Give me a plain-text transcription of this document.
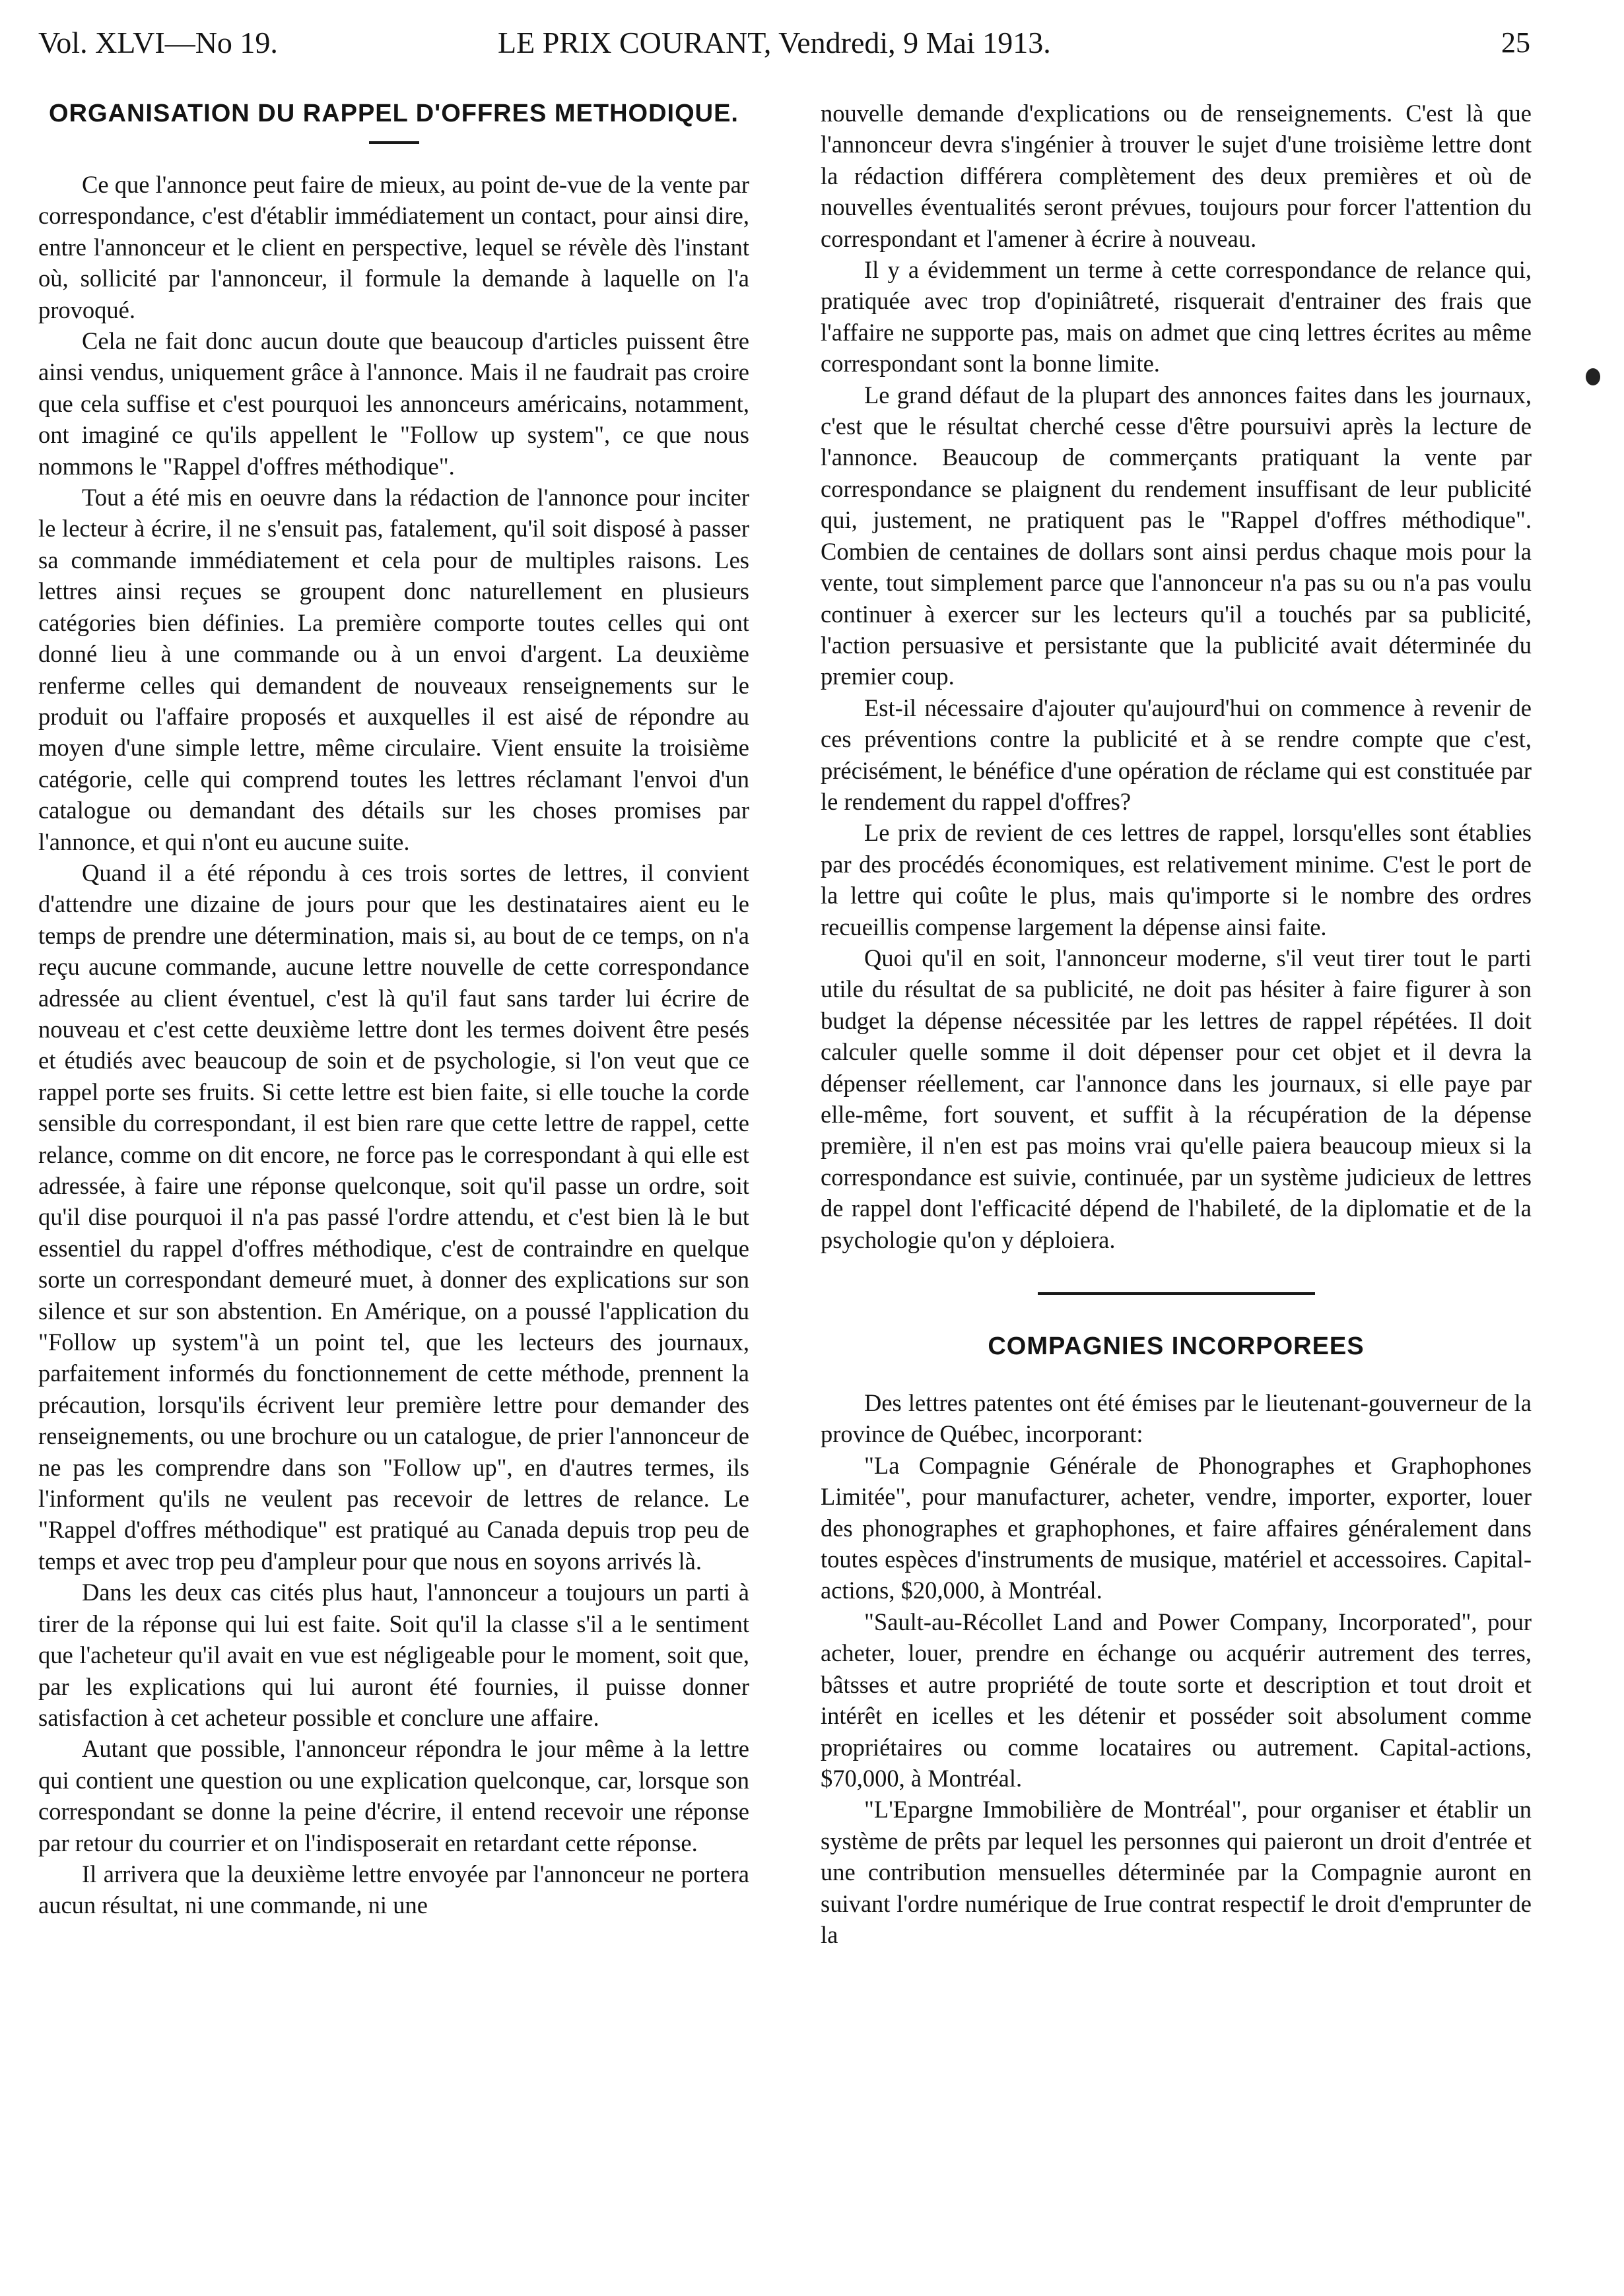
Vol. XLVI—No 19.	LE PRIX COURANT, Vendredi, 9 Mai 1913.	25
ORGANISATION DU RAPPEL D'OFFRES METHODIQUE.

Ce que l'annonce peut faire de mieux, au point de-vue de la vente par correspondance, c'est d'établir immédiatement un contact, pour ainsi dire, entre l'annonceur et le client en perspective, lequel se révèle dès l'instant où, sollicité par l'annonceur, il formule la demande à laquelle on l'a provoqué.

Cela ne fait donc aucun doute que beaucoup d'articles puissent être ainsi vendus, uniquement grâce à l'annonce. Mais il ne faudrait pas croire que cela suffise et c'est pourquoi les annonceurs américains, notamment, ont imaginé ce qu'ils appellent le "Follow up system", ce que nous nommons le "Rappel d'offres méthodique".

Tout a été mis en oeuvre dans la rédaction de l'annonce pour inciter le lecteur à écrire, il ne s'ensuit pas, fatalement, qu'il soit disposé à passer sa commande immédiatement et cela pour de multiples raisons. Les lettres ainsi reçues se groupent donc naturellement en plusieurs catégories bien définies. La première comporte toutes celles qui ont donné lieu à une commande ou à un envoi d'argent. La deuxième renferme celles qui demandent de nouveaux renseignements sur le produit ou l'affaire proposés et auxquelles il est aisé de répondre au moyen d'une simple lettre, même circulaire. Vient ensuite la troisième catégorie, celle qui comprend toutes les lettres réclamant l'envoi d'un catalogue ou demandant des détails sur les choses promises par l'annonce, et qui n'ont eu aucune suite.

Quand il a été répondu à ces trois sortes de lettres, il convient d'attendre une dizaine de jours pour que les destinataires aient eu le temps de prendre une détermination, mais si, au bout de ce temps, on n'a reçu aucune commande, aucune lettre nouvelle de cette correspondance adressée au client éventuel, c'est là qu'il faut sans tarder lui écrire de nouveau et c'est cette deuxième lettre dont les termes doivent être pesés et étudiés avec beaucoup de soin et de psychologie, si l'on veut que ce rappel porte ses fruits. Si cette lettre est bien faite, si elle touche la corde sensible du correspondant, il est bien rare que cette lettre de rappel, cette relance, comme on dit encore, ne force pas le correspondant à qui elle est adressée, à faire une réponse quelconque, soit qu'il passe un ordre, soit qu'il dise pourquoi il n'a pas passé l'ordre attendu, et c'est bien là le but essentiel du rappel d'offres méthodique, c'est de contraindre en quelque sorte un correspondant demeuré muet, à donner des explications sur son silence et sur son abstention. En Amérique, on a poussé l'application du "Follow up system"à un point tel, que les lecteurs des journaux, parfaitement informés du fonctionnement de cette méthode, prennent la précaution, lorsqu'ils écrivent leur première lettre pour demander des renseignements, ou une brochure ou un catalogue, de prier l'annonceur de ne pas les comprendre dans son "Follow up", en d'autres termes, ils l'informent qu'ils ne veulent pas recevoir de lettres de relance. Le "Rappel d'offres méthodique" est pratiqué au Canada depuis trop peu de temps et avec trop peu d'ampleur pour que nous en soyons arrivés là.

Dans les deux cas cités plus haut, l'annonceur a toujours un parti à tirer de la réponse qui lui est faite. Soit qu'il la classe s'il a le sentiment que l'acheteur qu'il avait en vue est négligeable pour le moment, soit que, par les explications qui lui auront été fournies, il puisse donner satisfaction à cet acheteur possible et conclure une affaire.

Autant que possible, l'annonceur répondra le jour même à la lettre qui contient une question ou une explication quelconque, car, lorsque son correspondant se donne la peine d'écrire, il entend recevoir une réponse par retour du courrier et on l'indisposerait en retardant cette réponse.

Il arrivera que la deuxième lettre envoyée par l'annonceur ne portera aucun résultat, ni une commande, ni une

nouvelle demande d'explications ou de renseignements. C'est là que l'annonceur devra s'ingénier à trouver le sujet d'une troisième lettre dont la rédaction différera complètement des deux premières et où de nouvelles éventualités seront prévues, toujours pour forcer l'attention du correspondant et l'amener à écrire à nouveau.

Il y a évidemment un terme à cette correspondance de relance qui, pratiquée avec trop d'opiniâtreté, risquerait d'entrainer des frais que l'affaire ne supporte pas, mais on admet que cinq lettres écrites au même correspondant sont la bonne limite.

Le grand défaut de la plupart des annonces faites dans les journaux, c'est que le résultat cherché cesse d'être poursuivi après la lecture de l'annonce. Beaucoup de commerçants pratiquant la vente par correspondance se plaignent du rendement insuffisant de leur publicité qui, justement, ne pratiquent pas le "Rappel d'offres méthodique". Combien de centaines de dollars sont ainsi perdus chaque mois pour la vente, tout simplement parce que l'annonceur n'a pas su ou n'a pas voulu continuer à exercer sur les lecteurs qu'il a touchés par sa publicité, l'action persuasive et persistante que la publicité avait déterminée du premier coup.

Est-il nécessaire d'ajouter qu'aujourd'hui on commence à revenir de ces préventions contre la publicité et à se rendre compte que c'est, précisément, le bénéfice d'une opération de réclame qui est constituée par le rendement du rappel d'offres?

Le prix de revient de ces lettres de rappel, lorsqu'elles sont établies par des procédés économiques, est relativement minime. C'est le port de la lettre qui coûte le plus, mais qu'importe si le nombre des ordres recueillis compense largement la dépense ainsi faite.

Quoi qu'il en soit, l'annonceur moderne, s'il veut tirer tout le parti utile du résultat de sa publicité, ne doit pas hésiter à faire figurer à son budget la dépense nécessitée par les lettres de rappel répétées. Il doit calculer quelle somme il doit dépenser pour cet objet et il devra la dépenser réellement, car l'annonce dans les journaux, si elle paye par elle-même, fort souvent, et suffit à la récupération de la dépense première, il n'en est pas moins vrai qu'elle paiera beaucoup mieux si la correspondance est suivie, continuée, par un système judicieux de lettres de rappel dont l'efficacité dépend de l'habileté, de la diplomatie et de la psychologie qu'on y déploiera.

COMPAGNIES INCORPOREES

Des lettres patentes ont été émises par le lieutenant-gouverneur de la province de Québec, incorporant:

"La Compagnie Générale de Phonographes et Graphophones Limitée", pour manufacturer, acheter, vendre, importer, exporter, louer des phonographes et graphophones, et faire affaires généralement dans toutes espèces d'instruments de musique, matériel et accessoires. Capital-actions, $20,000, à Montréal.

"Sault-au-Récollet Land and Power Company, Incorporated", pour acheter, louer, prendre en échange ou acquérir autrement des terres, bâtsses et autre propriété de toute sorte et description et tout droit et intérêt en icelles et les détenir et posséder soit absolument comme propriétaires ou comme locataires ou autrement. Capital-actions, $70,000, à Montréal.

"L'Epargne Immobilière de Montréal", pour organiser et établir un système de prêts par lequel les personnes qui paieront un droit d'entrée et une contribution mensuelles déterminée par la Compagnie auront en suivant l'ordre numérique de Irue contrat respectif le droit d'emprunter de la
